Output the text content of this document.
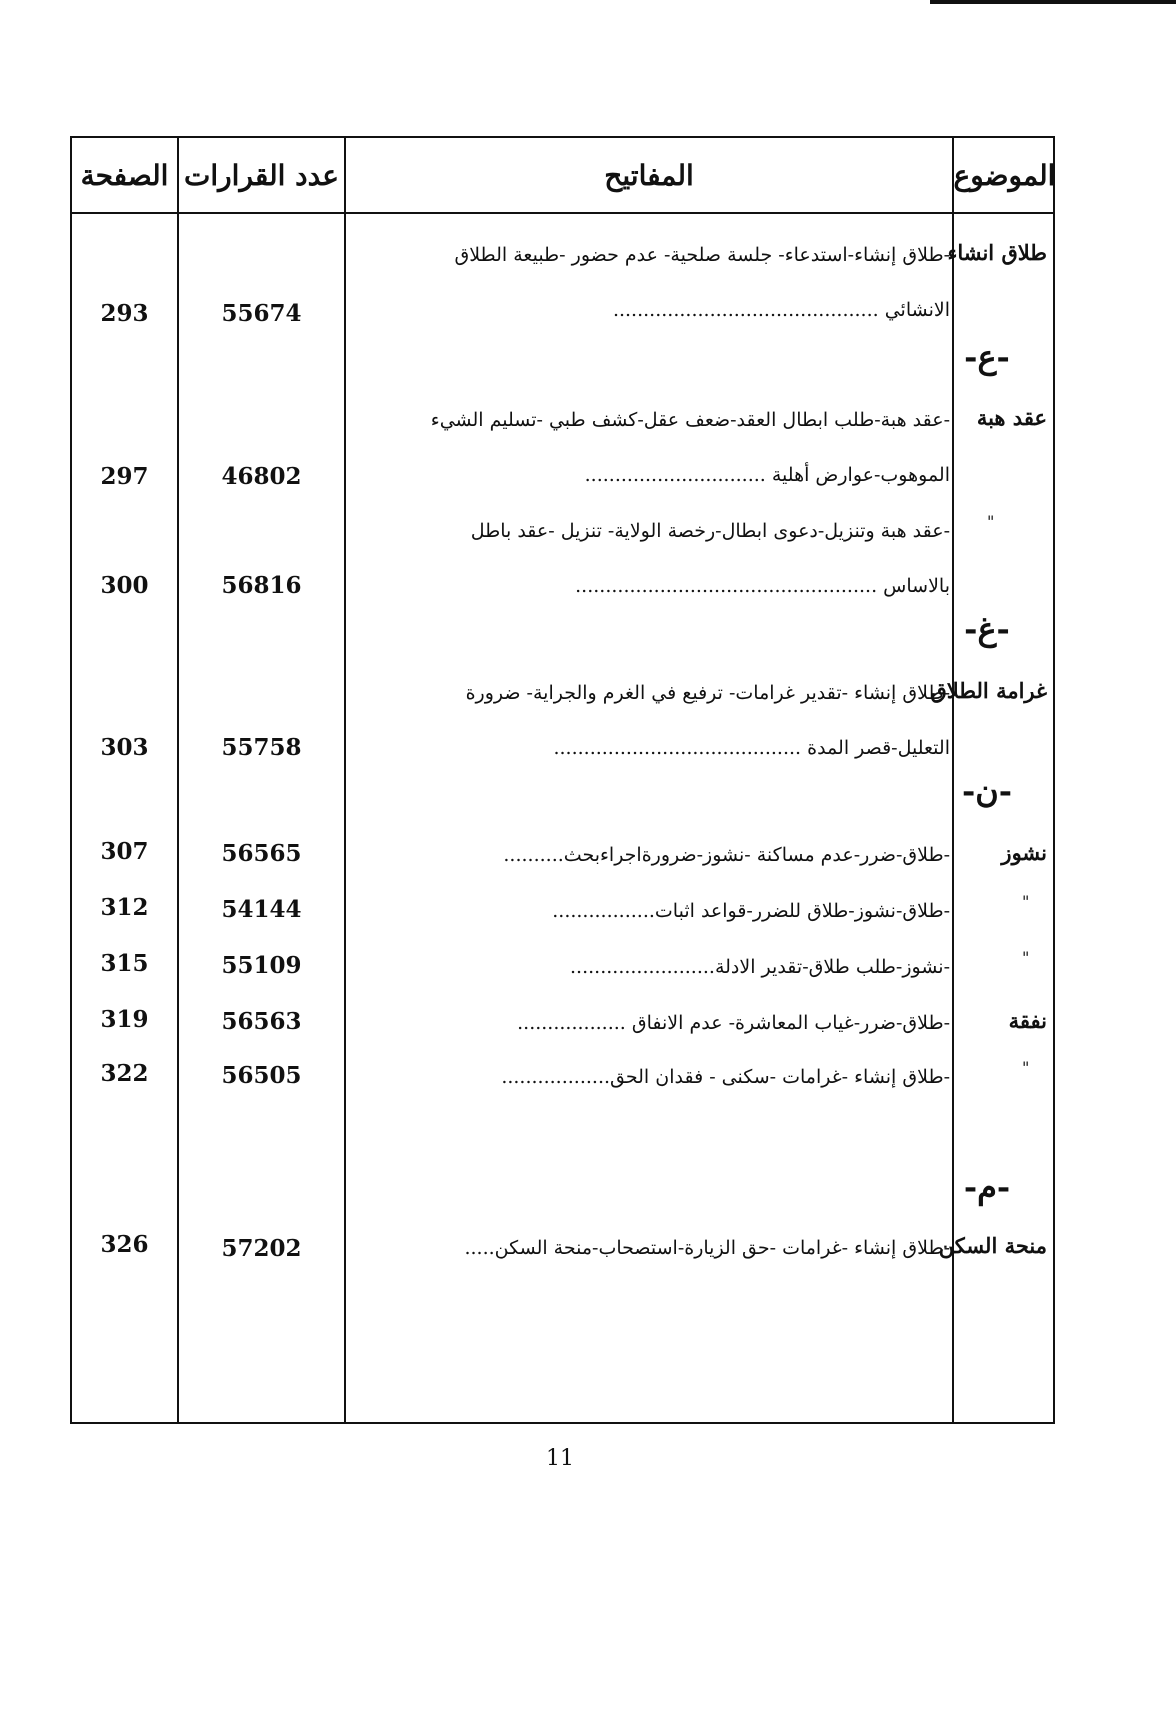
الصفحة عدد القرارات	المفاتيح	الموضوع
طلاق انشاء
-طلاق إنشاء-استدعاء- جلسة صلحية- عدم حضور -طبيعة الطلاق
الانشائي ............................................
55674
293
-ع-
عقد هبة
-عقد هبة-طلب ابطال العقد-ضعف عقل-كشف طبي -تسليم الشيء
الموهوب-عوارض أهلية ..............................
46802
297
"
-عقد هبة وتنزيل-دعوى ابطال-رخصة الولاية- تنزيل -عقد باطل
بالاساس ..................................................
56816
300
-غ-
غرامة الطلاق
-طلاق إنشاء -تقدير غرامات- ترفيع في الغرم والجراية- ضرورة
التعليل-قصر المدة .........................................
55758
303
-ن-
نشوز
-طلاق-ضرر-عدم مساكنة -نشوز-ضرورةاجراءبحث..........
56565
307
"
-طلاق-نشوز-طلاق للضرر-قواعد اثبات.................
54144
312
"
-نشوز-طلب طلاق-تقدير الادلة........................
55109
315
نفقة
-طلاق-ضرر-غياب المعاشرة- عدم الانفاق ..................
56563
319
"
-طلاق إنشاء -غرامات -سكنى - فقدان الحق..................
56505
322
-م-
منحة السكن
-طلاق إنشاء -غرامات -حق الزيارة-استصحاب-منحة السكن.....
57202
326
11
